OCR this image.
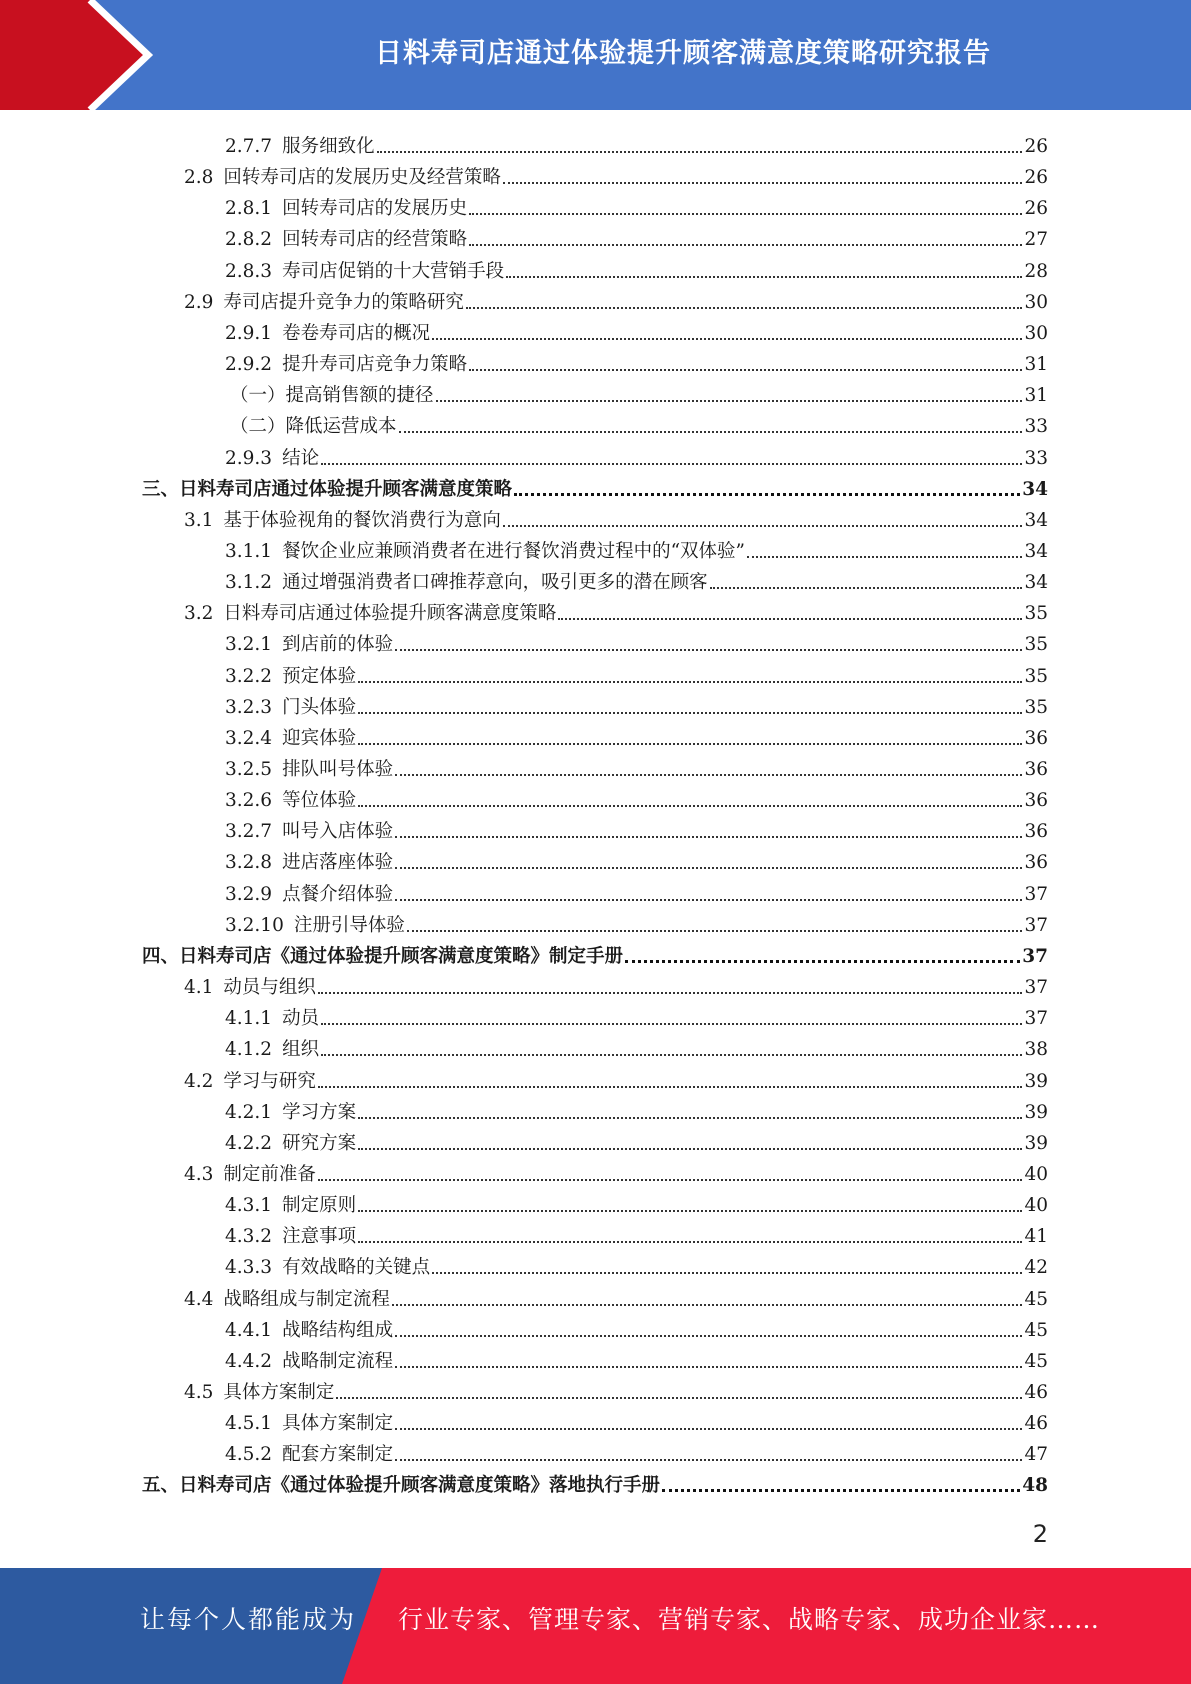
日料寿司店通过体验提升顾客满意度策略研究报告
2.7.7 服务细致化	26
2.8 回转寿司店的发展历史及经营策略	26
2.8.1 回转寿司店的发展历史	26
2.8.2 回转寿司店的经营策略	27
2.8.3 寿司店促销的十大营销手段	28
2.9 寿司店提升竞争力的策略研究	30
2.9.1 卷卷寿司店的概况	30
2.9.2 提升寿司店竞争力策略	31
（一）提高销售额的捷径	31
（二）降低运营成本	33
2.9.3 结论	33
三、日料寿司店通过体验提升顾客满意度策略	34
3.1 基于体验视角的餐饮消费行为意向	34
3.1.1 餐饮企业应兼顾消费者在进行餐饮消费过程中的“双体验”	34
3.1.2 通过增强消费者口碑推荐意向，吸引更多的潜在顾客	34
3.2 日料寿司店通过体验提升顾客满意度策略	35
3.2.1 到店前的体验	35
3.2.2 预定体验	35
3.2.3 门头体验	35
3.2.4 迎宾体验	36
3.2.5 排队叫号体验	36
3.2.6 等位体验	36
3.2.7 叫号入店体验	36
3.2.8 进店落座体验	36
3.2.9 点餐介绍体验	37
3.2.10 注册引导体验	37
四、日料寿司店《通过体验提升顾客满意度策略》制定手册	37
4.1 动员与组织	37
4.1.1 动员	37
4.1.2 组织	38
4.2 学习与研究	39
4.2.1 学习方案	39
4.2.2 研究方案	39
4.3 制定前准备	40
4.3.1 制定原则	40
4.3.2 注意事项	41
4.3.3 有效战略的关键点	42
4.4 战略组成与制定流程	45
4.4.1 战略结构组成	45
4.4.2 战略制定流程	45
4.5 具体方案制定	46
4.5.1 具体方案制定	46
4.5.2 配套方案制定	47
五、日料寿司店《通过体验提升顾客满意度策略》落地执行手册	48
2
让每个人都能成为 行业专家、管理专家、营销专家、战略专家、成功企业家……
